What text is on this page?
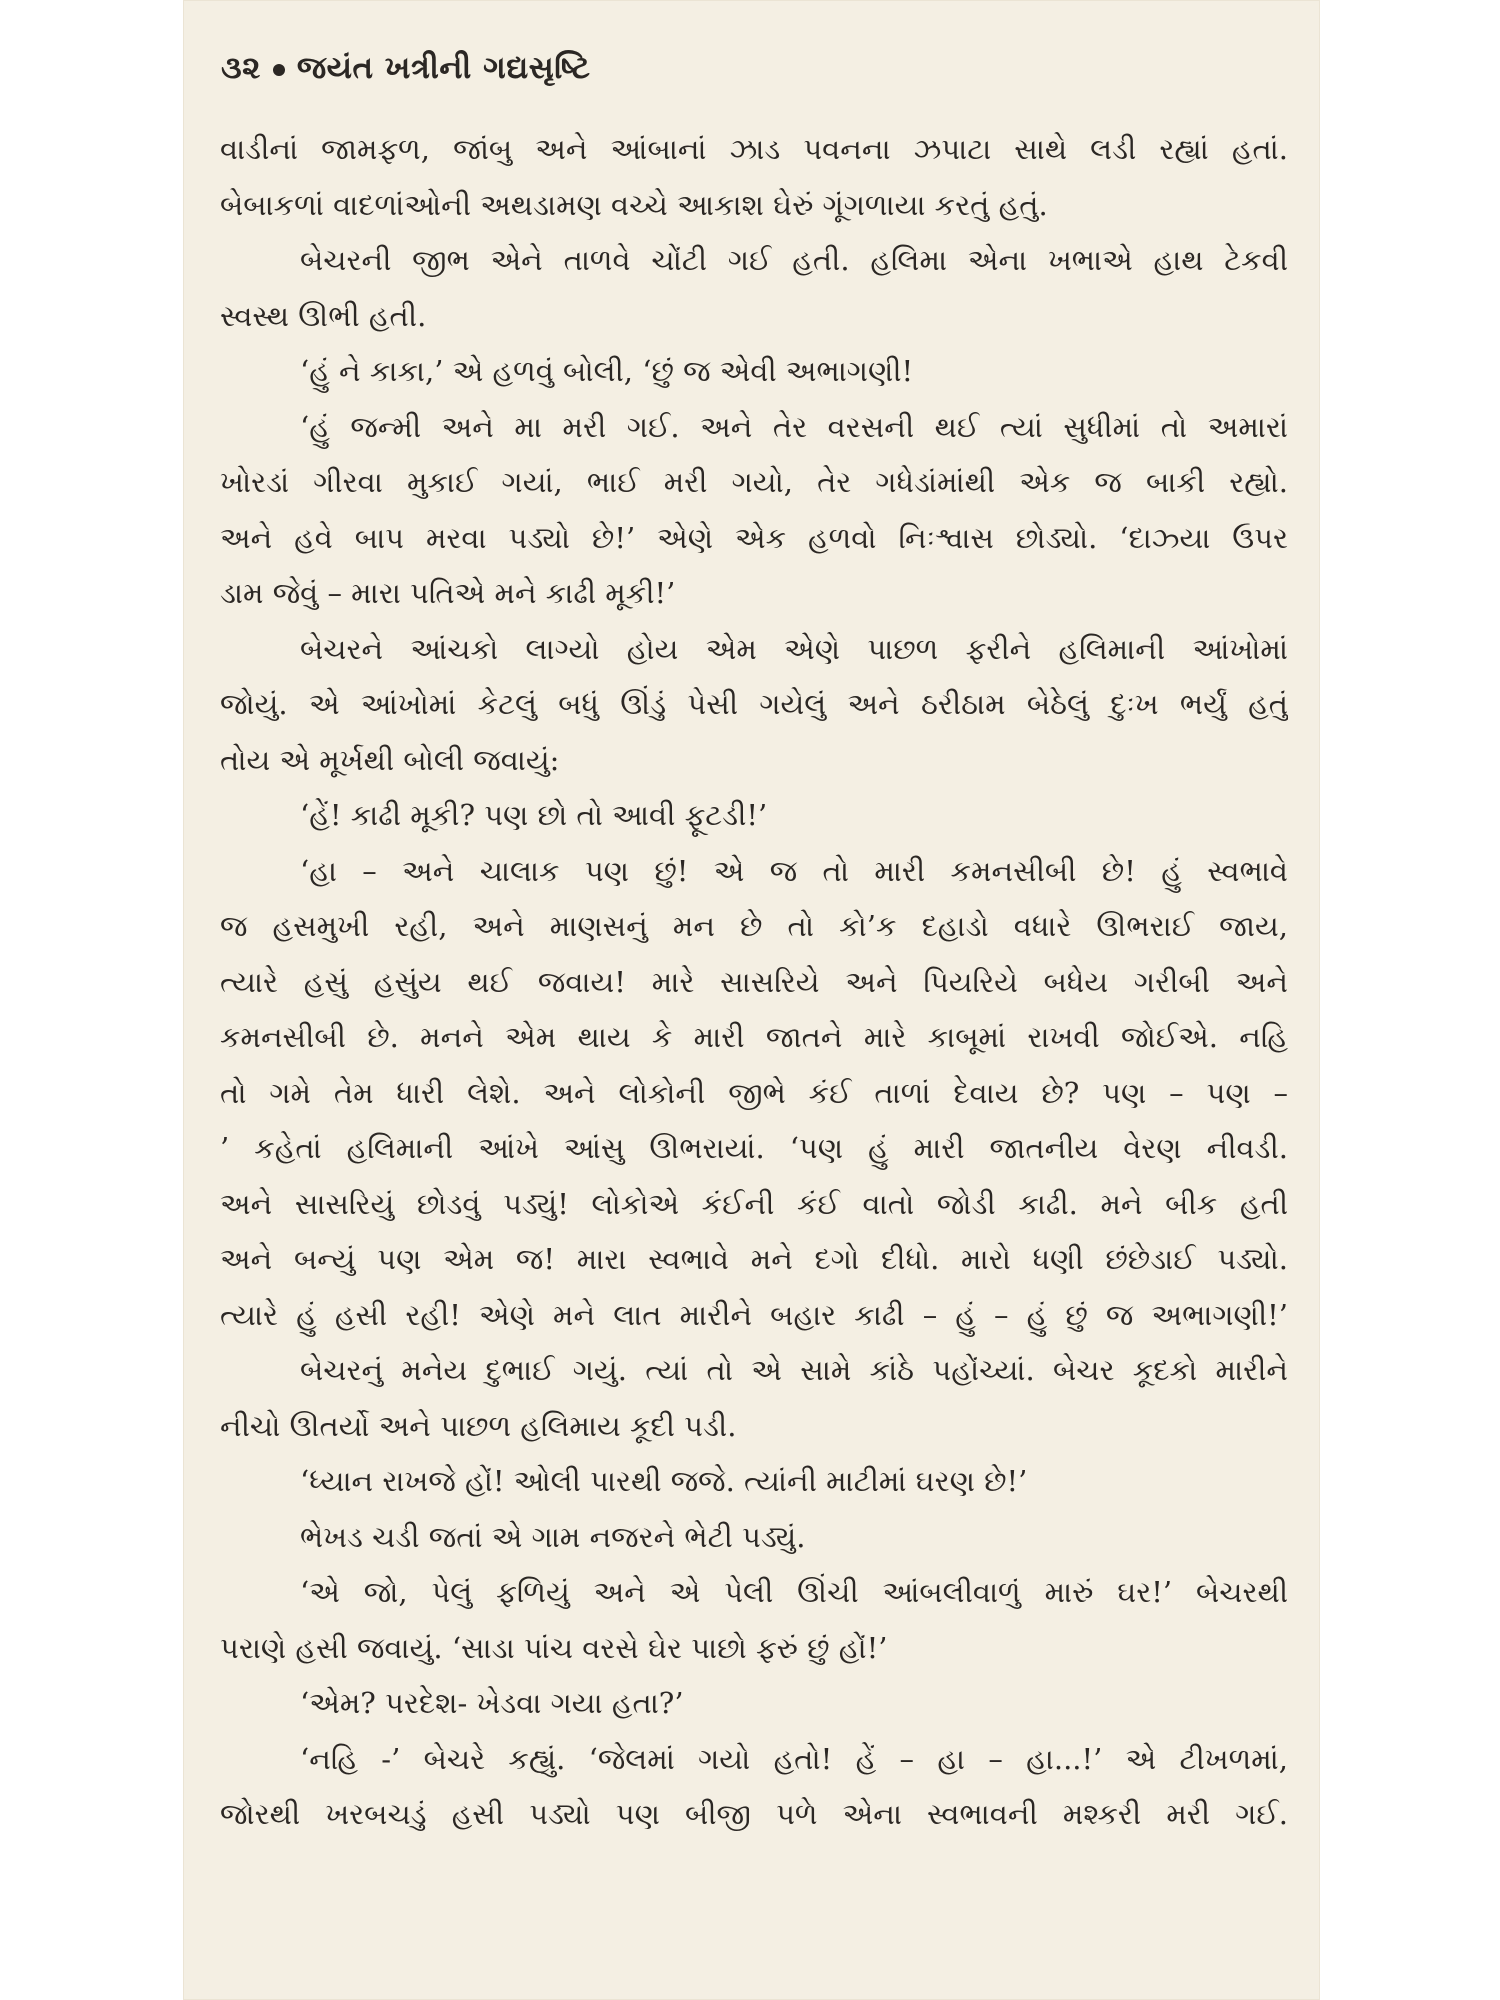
૩૨ જયંત ખત્રીની ગદ્યસૃષ્ટિ
વાડીનાં જામફળ, જાંબુ અને આંબાનાં ઝાડ પવનના ઝપાટા સાથે લડી રહ્યાં હતાં.
બેબાકળાં વાદળાંઓની અથડામણ વચ્ચે આકાશ ઘેરું ગૂંગળાયા કરતું હતું.
બેચરની જીભ એને તાળવે ચોંટી ગઈ હતી. હલિમા એના ખભાએ હાથ ટેકવી
સ્વસ્થ ઊભી હતી.
‘હું ને કાકા,’ એ હળવું બોલી, ‘છું જ એવી અભાગણી!
‘હું જન્મી અને મા મરી ગઈ. અને તેર વરસની થઈ ત્યાં સુધીમાં તો અમારાં
ખોરડાં ગીરવા મુકાઈ ગયાં, ભાઈ મરી ગયો, તેર ગધેડાંમાંથી એક જ બાકી રહ્યો.
અને હવે બાપ મરવા પડ્યો છે!’ એણે એક હળવો નિઃશ્વાસ છોડ્યો. ‘દાઝ્યા ઉપર
ડામ જેવું – મારા પતિએ મને કાઢી મૂકી!’
બેચરને આંચકો લાગ્યો હોય એમ એણે પાછળ ફરીને હલિમાની આંખોમાં
જોયું. એ આંખોમાં કેટલું બધું ઊંડું પેસી ગયેલું અને ઠરીઠામ બેઠેલું દુઃખ ભર્યું હતું
તોય એ મૂર્ખથી બોલી જવાયું:
‘હેં! કાઢી મૂકી? પણ છો તો આવી ફૂટડી!’
‘હા – અને ચાલાક પણ છું! એ જ તો મારી કમનસીબી છે! હું સ્વભાવે
જ હસમુખી રહી, અને માણસનું મન છે તો કો’ક દહાડો વધારે ઊભરાઈ જાય,
ત્યારે હસું હસુંય થઈ જવાય! મારે સાસરિયે અને પિયરિયે બધેય ગરીબી અને
કમનસીબી છે. મનને એમ થાય કે મારી જાતને મારે કાબૂમાં રાખવી જોઈએ. નહિ
તો ગમે તેમ ધારી લેશે. અને લોકોની જીભે કંઈ તાળાં દેવાય છે? પણ – પણ –
’ કહેતાં હલિમાની આંખે આંસુ ઊભરાયાં. ‘પણ હું મારી જાતનીય વેરણ નીવડી.
અને સાસરિયું છોડવું પડ્યું! લોકોએ કંઈની કંઈ વાતો જોડી કાઢી. મને બીક હતી
અને બન્યું પણ એમ જ! મારા સ્વભાવે મને દગો દીધો. મારો ધણી છંછેડાઈ પડ્યો.
ત્યારે હું હસી રહી! એણે મને લાત મારીને બહાર કાઢી – હું – હું છું જ અભાગણી!’
બેચરનું મનેય દુભાઈ ગયું. ત્યાં તો એ સામે કાંઠે પહોંચ્યાં. બેચર કૂદકો મારીને
નીચો ઊતર્યો અને પાછળ હલિમાય કૂદી પડી.
‘ધ્યાન રાખજે હોં! ઓલી પારથી જજે. ત્યાંની માટીમાં ઘરણ છે!’
ભેખડ ચડી જતાં એ ગામ નજરને ભેટી પડ્યું.
‘એ જો, પેલું ફળિયું અને એ પેલી ઊંચી આંબલીવાળું મારું ઘર!’ બેચરથી
પરાણે હસી જવાયું. ‘સાડા પાંચ વરસે ઘેર પાછો ફરું છું હોં!’
‘એમ? પરદેશ- ખેડવા ગયા હતા?’
‘નહિ -’ બેચરે કહ્યું. ‘જેલમાં ગયો હતો! હેં – હા – હા...!’ એ ટીખળમાં,
જોરથી ખરબચડું હસી પડ્યો પણ બીજી પળે એના સ્વભાવની મશ્કરી મરી ગઈ.
